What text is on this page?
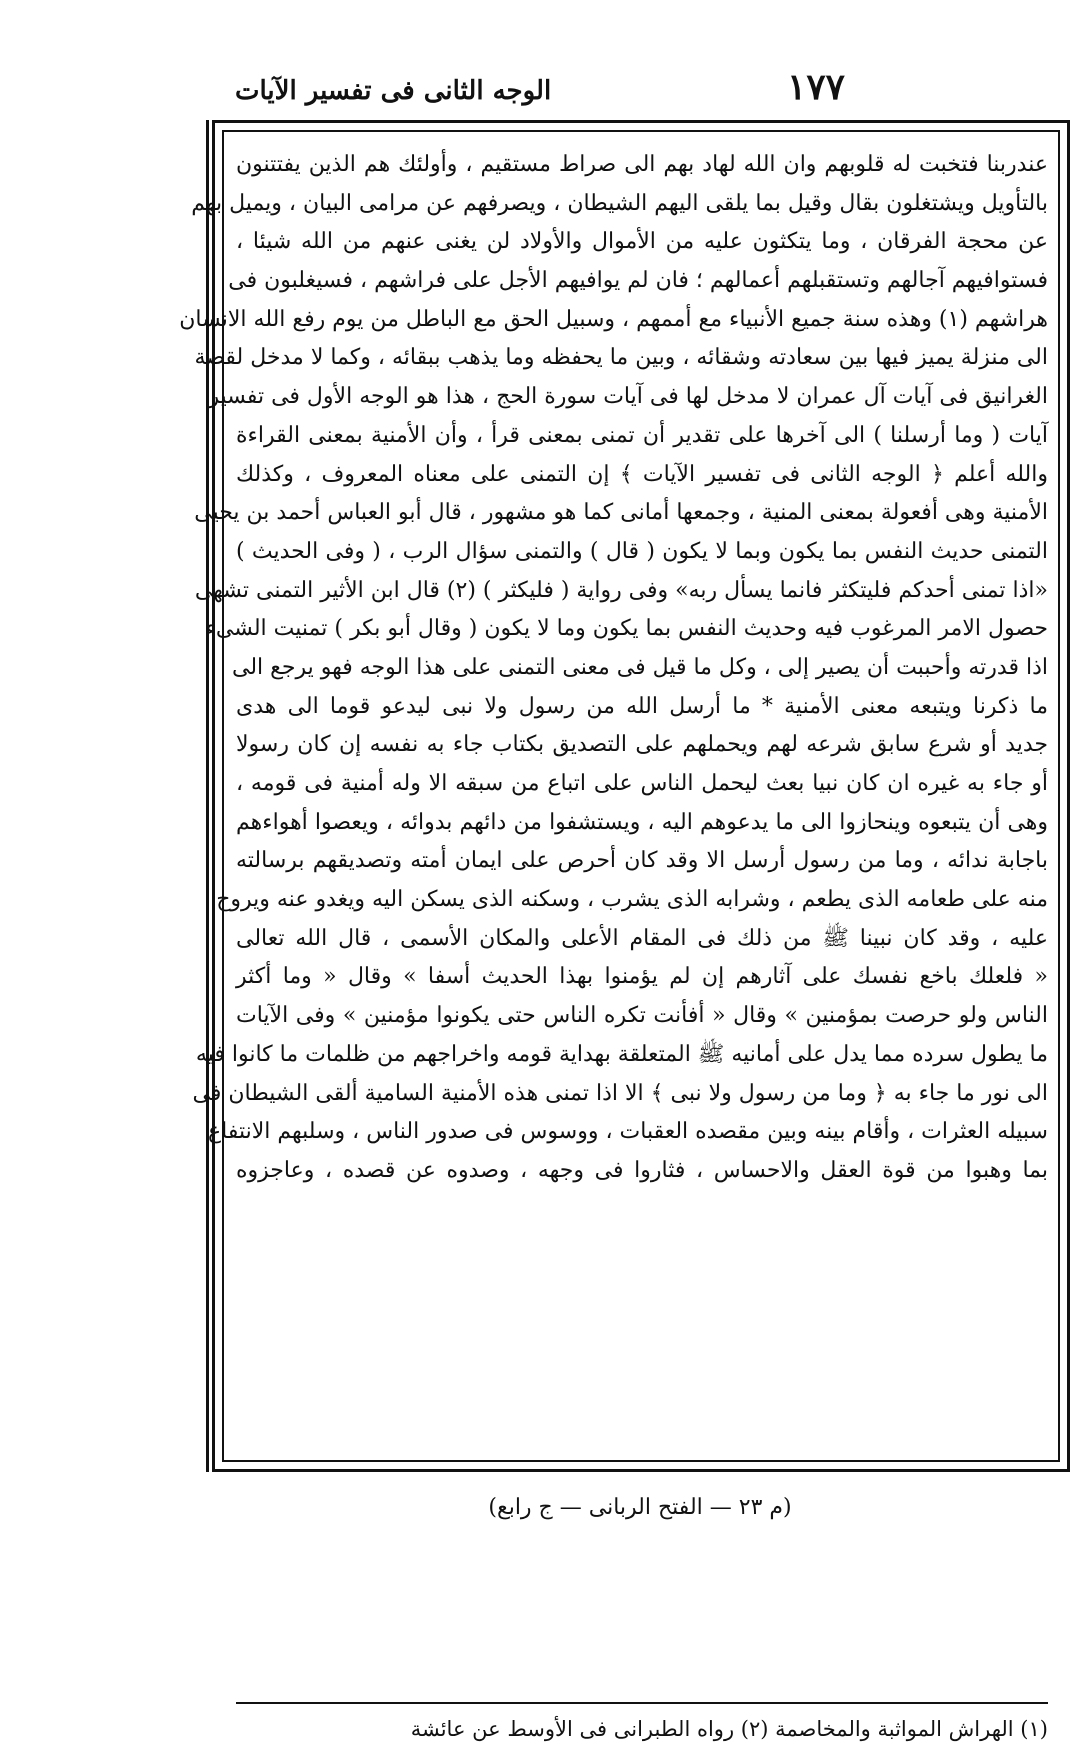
١٧٧
الوجه الثانى فى تفسير الآيات
عندربنا فتخبت له قلوبهم وان الله لهاد بهم الى صراط مستقيم ، وأولئك هم الذين يفتتنون
بالتأويل ويشتغلون بقال وقيل بما يلقى اليهم الشيطان ، ويصرفهم عن مرامى البيان ، ويميل بهم
عن محجة الفرقان ، وما يتكثون عليه من الأموال والأولاد لن يغنى عنهم من الله شيئا ،
فستوافيهم آجالهم وتستقبلهم أعمالهم ؛ فان لم يوافيهم الأجل على فراشهم ، فسيغلبون فى
هراشهم (١) وهذه سنة جميع الأنبياء مع أممهم ، وسبيل الحق مع الباطل من يوم رفع الله الانسان
الى منزلة يميز فيها بين سعادته وشقائه ، وبين ما يحفظه وما يذهب ببقائه ، وكما لا مدخل لقصة
الغرانيق فى آيات آل عمران لا مدخل لها فى آيات سورة الحج ، هذا هو الوجه الأول فى تفسير
آيات ( وما أرسلنا ) الى آخرها على تقدير أن تمنى بمعنى قرأ ، وأن الأمنية بمعنى القراءة
والله أعلم ﴿ الوجه الثانى فى تفسير الآيات ﴾ إن التمنى على معناه المعروف ، وكذلك
الأمنية وهى أفعولة بمعنى المنية ، وجمعها أمانى كما هو مشهور ، قال أبو العباس أحمد بن يحيى
التمنى حديث النفس بما يكون وبما لا يكون ( قال ) والتمنى سؤال الرب ، ( وفى الحديث )
«اذا تمنى أحدكم فليتكثر فانما يسأل ربه» وفى رواية ( فليكثر ) (٢) قال ابن الأثير التمنى تشهى
حصول الامر المرغوب فيه وحديث النفس بما يكون وما لا يكون ( وقال أبو بكر ) تمنيت الشىء
اذا قدرته وأحببت أن يصير إلى ، وكل ما قيل فى معنى التمنى على هذا الوجه فهو يرجع الى
ما ذكرنا ويتبعه معنى الأمنية * ما أرسل الله من رسول ولا نبى ليدعو قوما الى هدى
جديد أو شرع سابق شرعه لهم ويحملهم على التصديق بكتاب جاء به نفسه إن كان رسولا
أو جاء به غيره ان كان نبيا بعث ليحمل الناس على اتباع من سبقه الا وله أمنية فى قومه ،
وهى أن يتبعوه وينحازوا الى ما يدعوهم اليه ، ويستشفوا من دائهم بدوائه ، ويعصوا أهواءهم
باجابة ندائه ، وما من رسول أرسل الا وقد كان أحرص على ايمان أمته وتصديقهم برسالته
منه على طعامه الذى يطعم ، وشرابه الذى يشرب ، وسكنه الذى يسكن اليه ويغدو عنه ويروح
عليه ، وقد كان نبينا ﷺ من ذلك فى المقام الأعلى والمكان الأسمى ، قال الله تعالى
« فلعلك باخع نفسك على آثارهم إن لم يؤمنوا بهذا الحديث أسفا » وقال « وما أكثر
الناس ولو حرصت بمؤمنين » وقال « أفأنت تكره الناس حتى يكونوا مؤمنين » وفى الآيات
ما يطول سرده مما يدل على أمانيه ﷺ المتعلقة بهداية قومه واخراجهم من ظلمات ما كانوا فيه
الى نور ما جاء به ﴿ وما من رسول ولا نبى ﴾ الا اذا تمنى هذه الأمنية السامية ألقى الشيطان فى
سبيله العثرات ، وأقام بينه وبين مقصده العقبات ، ووسوس فى صدور الناس ، وسلبهم الانتفاع
بما وهبوا من قوة العقل والاحساس ، فثاروا فى وجهه ، وصدوه عن قصده ، وعاجزوه
(١) الهراش المواثبة والمخاصمة (٢) رواه الطبرانى فى الأوسط عن عائشة
(م ٢٣ — الفتح الربانى — ج رابع)
